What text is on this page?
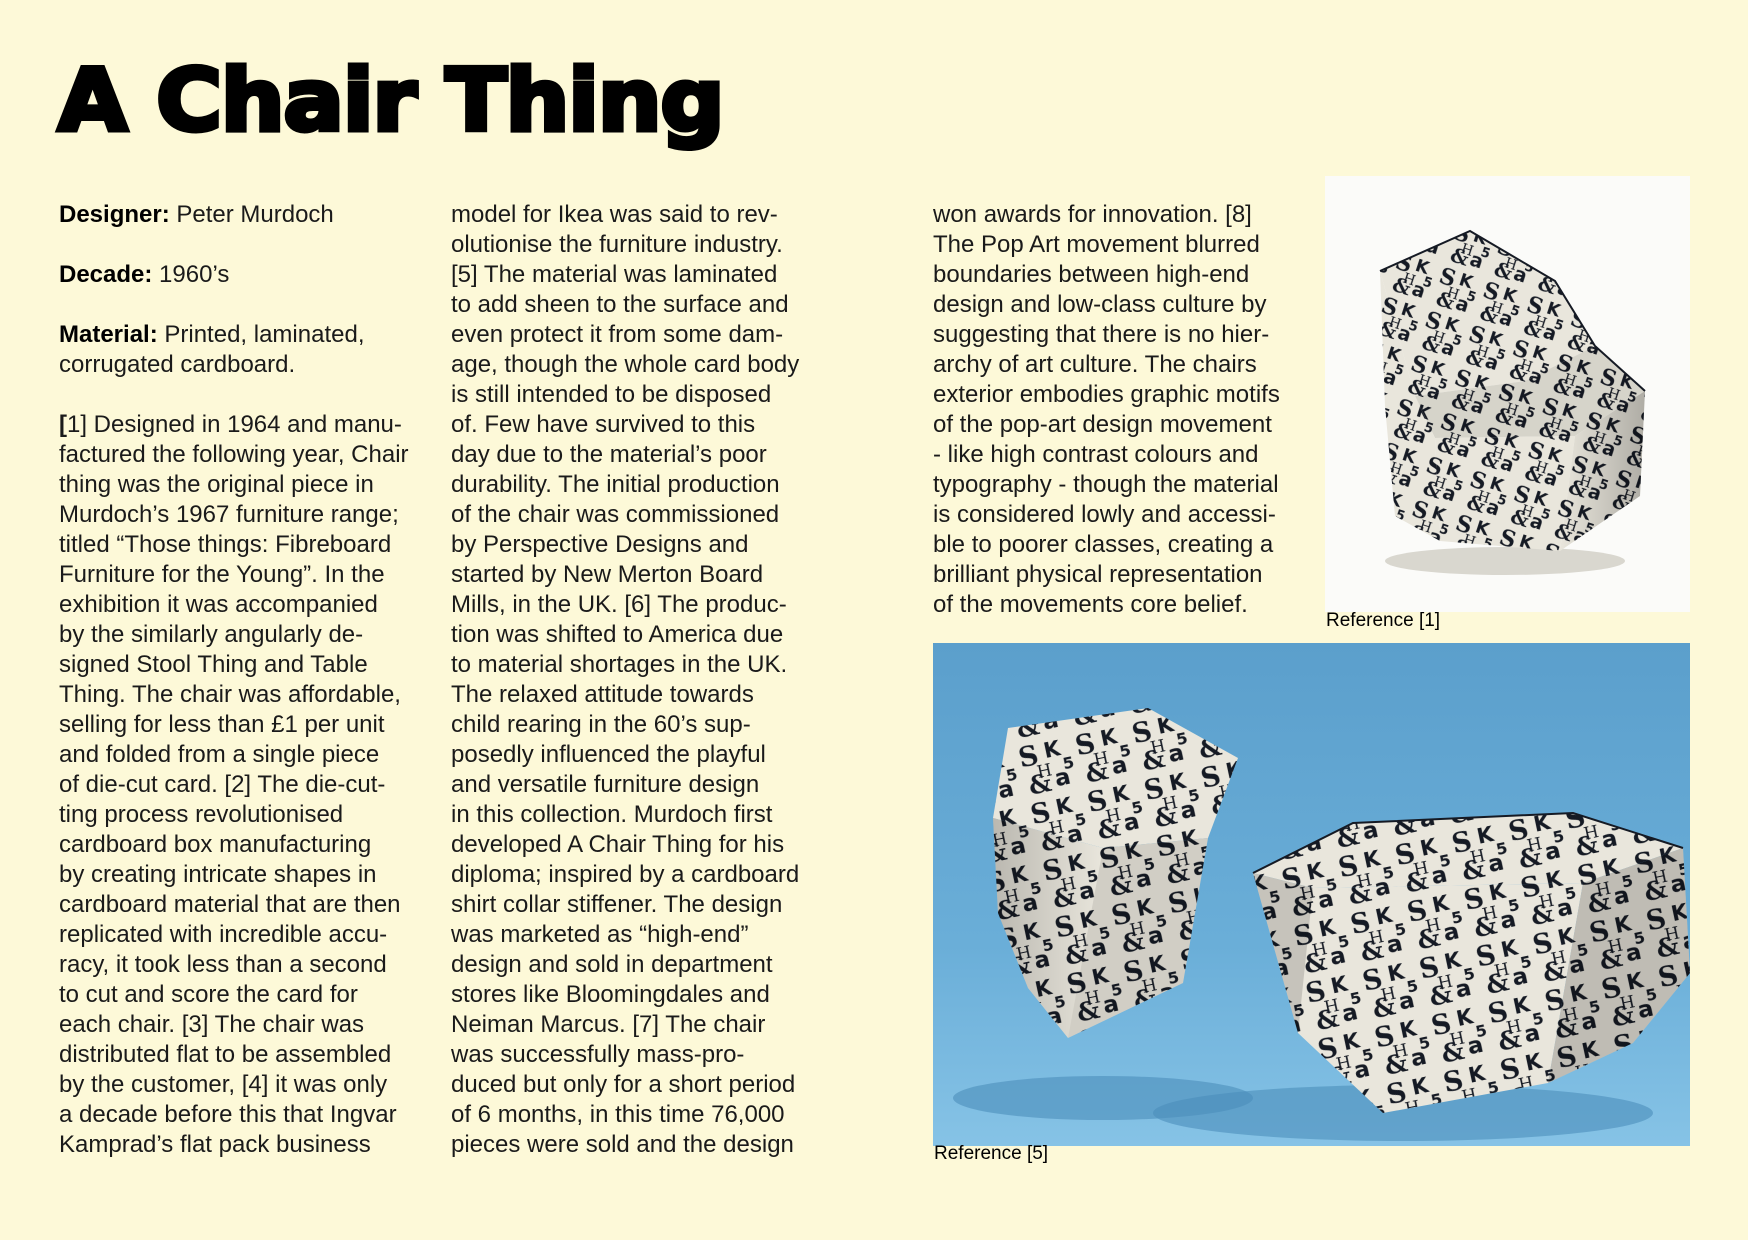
A Chair Thing

Designer: Peter Murdoch

Decade: 1960’s

Material: Printed, laminated,
corrugated cardboard.

[1] Designed in 1964 and manu-
factured the following year, Chair
thing was the original piece in
Murdoch’s 1967 furniture range;
titled “Those things: Fibreboard
Furniture for the Young”. In the
exhibition it was accompanied
by the similarly angularly de-
signed Stool Thing and Table
Thing. The chair was affordable,
selling for less than £1 per unit
and folded from a single piece
of die-cut card. [2] The die-cut-
ting process revolutionised
cardboard box manufacturing
by creating intricate shapes in
cardboard material that are then
replicated with incredible accu-
racy, it took less than a second
to cut and score the card for
each chair. [3] The chair was
distributed flat to be assembled
by the customer, [4] it was only
a decade before this that Ingvar
Kamprad’s flat pack business

model for Ikea was said to rev-
olutionise the furniture industry.
[5] The material was laminated
to add sheen to the surface and
even protect it from some dam-
age, though the whole card body
is still intended to be disposed
of. Few have survived to this
day due to the material’s poor
durability. The initial production
of the chair was commissioned
by Perspective Designs and
started by New Merton Board
Mills, in the UK. [6] The produc-
tion was shifted to America due
to material shortages in the UK.
The relaxed attitude towards
child rearing in the 60’s sup-
posedly influenced the playful
and versatile furniture design
in this collection. Murdoch first
developed A Chair Thing for his
diploma; inspired by a cardboard
shirt collar stiffener. The design
was marketed as “high-end”
design and sold in department
stores like Bloomingdales and
Neiman Marcus. [7] The chair
was successfully mass-pro-
duced but only for a short period
of 6 months, in this time 76,000
pieces were sold and the design

won awards for innovation. [8]
The Pop Art movement blurred
boundaries between high-end
design and low-class culture by
suggesting that there is no hier-
archy of art culture. The chairs
exterior embodies graphic motifs
of the pop-art design movement
- like high contrast colours and
typography - though the material
is considered lowly and accessi-
ble to poorer classes, creating a
brilliant physical representation
of the movements core belief.

Reference [1]
Reference [5]
